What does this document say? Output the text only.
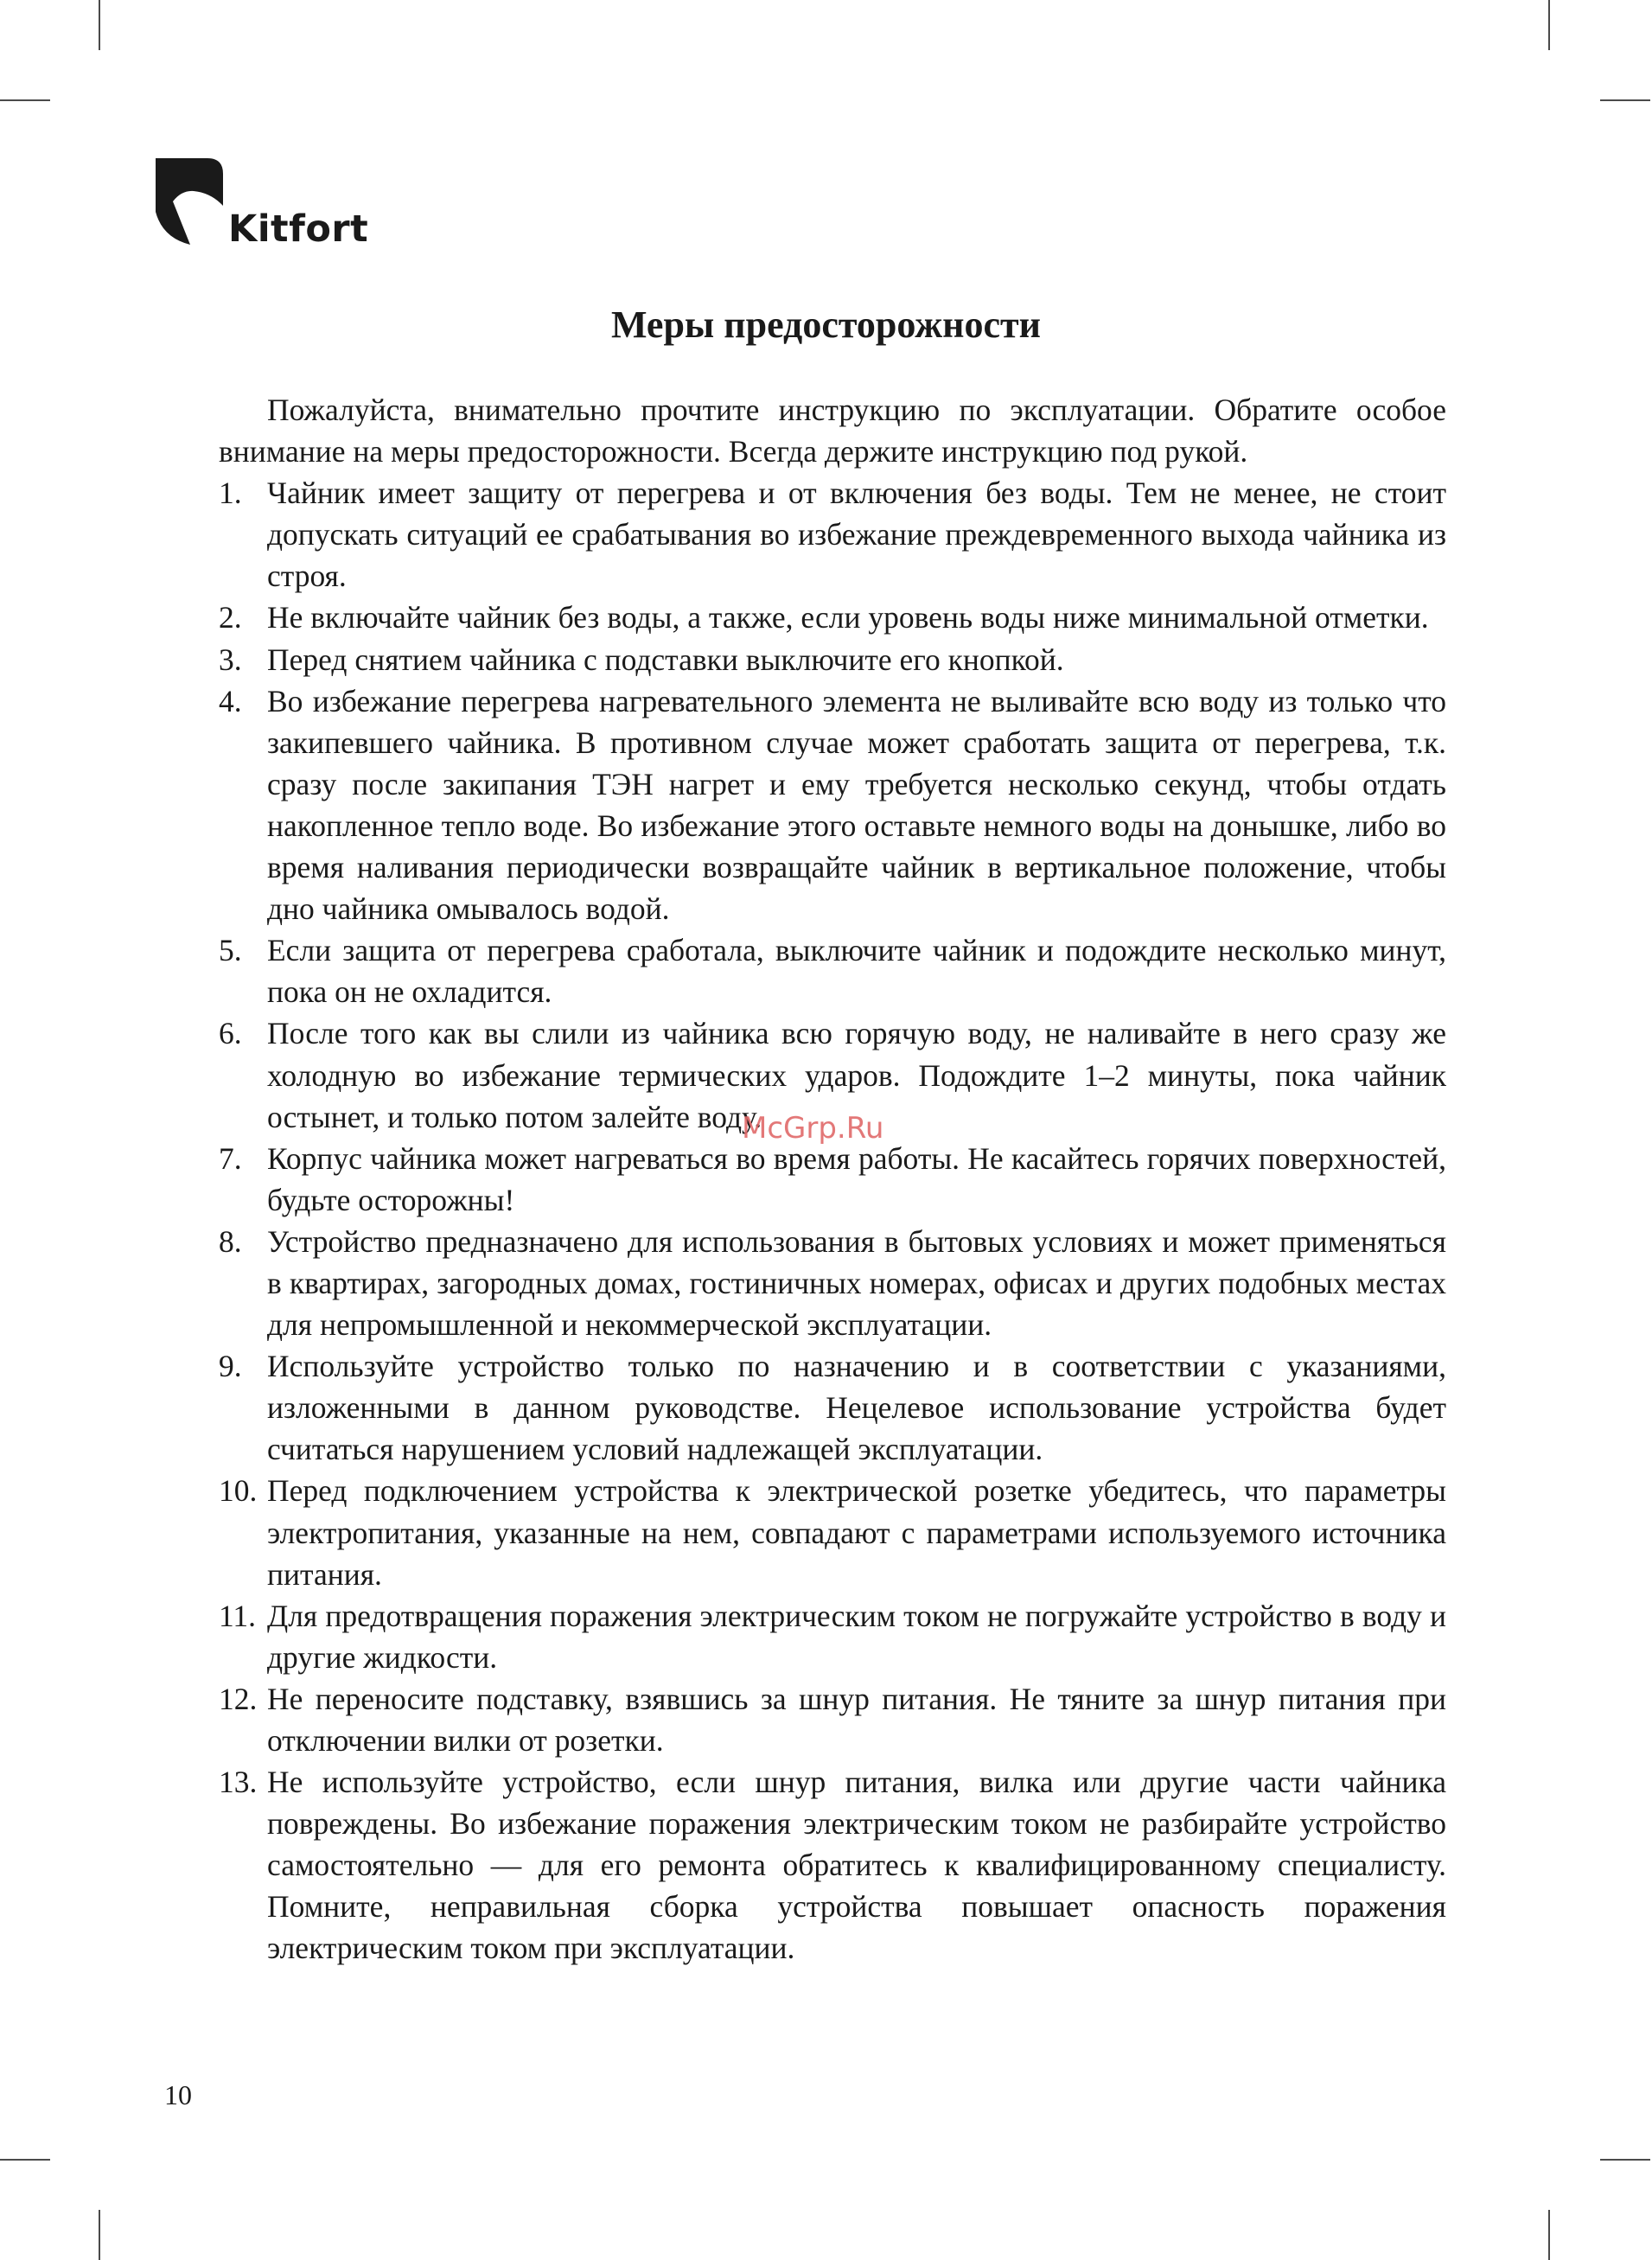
Kitfort
Меры предосторожности

Пожалуйста, внимательно прочтите инструкцию по эксплуатации. Обратите особое внимание на меры предосторожности. Всегда держите инструкцию под рукой.

1. Чайник имеет защиту от перегрева и от включения без воды. Тем не менее, не стоит допускать ситуаций ее срабатывания во избежание преждевременного выхода чайника из строя.
2. Не включайте чайник без воды, а также, если уровень воды ниже минимальной отметки.
3. Перед снятием чайника с подставки выключите его кнопкой.
4. Во избежание перегрева нагревательного элемента не выливайте всю воду из только что закипевшего чайника. В противном случае может сработать защита от перегрева, т.к. сразу после закипания ТЭН нагрет и ему требуется несколько секунд, чтобы отдать накопленное тепло воде. Во избежание этого оставьте немного воды на донышке, либо во время наливания периодически возвращайте чайник в вертикальное положение, чтобы дно чайника омывалось водой.
5. Если защита от перегрева сработала, выключите чайник и подождите несколько минут, пока он не охладится.
6. После того как вы слили из чайника всю горячую воду, не наливайте в него сразу же холодную во избежание термических ударов. Подождите 1–2 минуты, пока чайник остынет, и только потом залейте воду.
7. Корпус чайника может нагреваться во время работы. Не касайтесь горячих поверхностей, будьте осторожны!
8. Устройство предназначено для использования в бытовых условиях и может применяться в квартирах, загородных домах, гостиничных номерах, офисах и других подобных местах для непромышленной и некоммерческой эксплуатации.
9. Используйте устройство только по назначению и в соответствии с указаниями, изложенными в данном руководстве. Нецелевое использование устройства будет считаться нарушением условий надлежащей эксплуатации.
10. Перед подключением устройства к электрической розетке убедитесь, что параметры электропитания, указанные на нем, совпадают с параметрами используемого источника питания.
11. Для предотвращения поражения электрическим током не погружайте устройство в воду и другие жидкости.
12. Не переносите подставку, взявшись за шнур питания. Не тяните за шнур питания при отключении вилки от розетки.
13. Не используйте устройство, если шнур питания, вилка или другие части чайника повреждены. Во избежание поражения электрическим током не разбирайте устройство самостоятельно — для его ремонта обратитесь к квалифицированному специалисту. Помните, неправильная сборка устройства повышает опасность поражения электрическим током при эксплуатации.
McGrp.Ru
10
